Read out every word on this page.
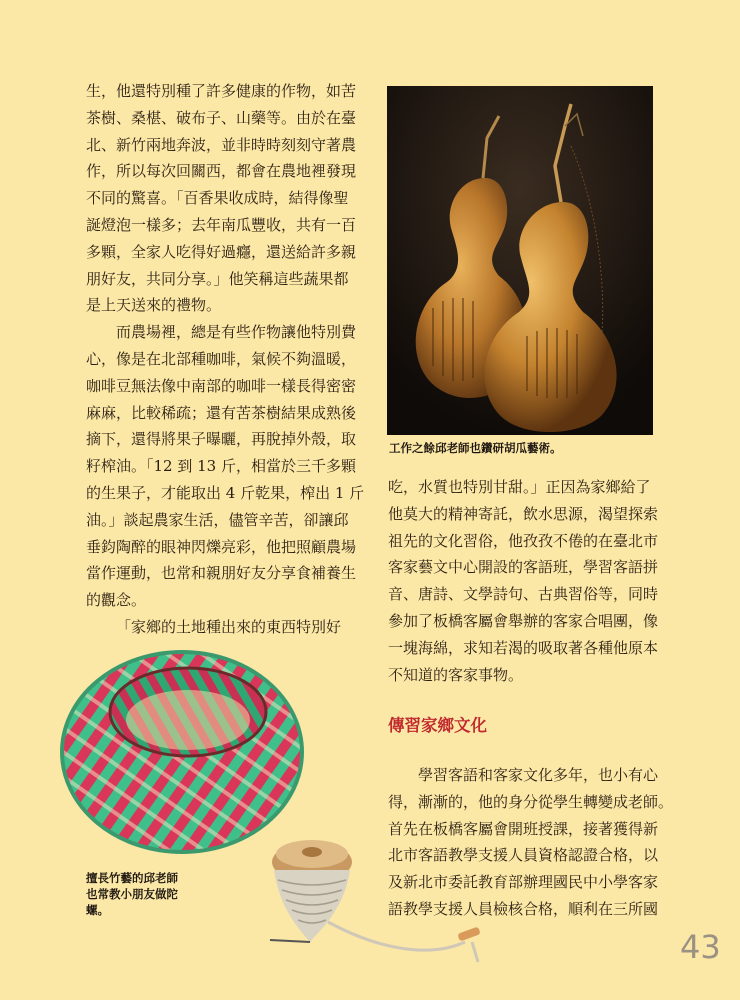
生，他還特別種了許多健康的作物，如苦
茶樹、桑椹、破布子、山藥等。由於在臺
北、新竹兩地奔波，並非時時刻刻守著農
作，所以每次回關西，都會在農地裡發現
不同的驚喜。「百香果收成時，結得像聖
誕燈泡一樣多；去年南瓜豐收，共有一百
多顆，全家人吃得好過癮，還送給許多親
朋好友，共同分享。」他笑稱這些蔬果都
是上天送來的禮物。

而農場裡，總是有些作物讓他特別費
心，像是在北部種咖啡，氣候不夠溫暖，
咖啡豆無法像中南部的咖啡一樣長得密密
麻麻，比較稀疏；還有苦茶樹結果成熟後
摘下，還得將果子曝曬，再脫掉外殼，取
籽榨油。「12 到 13 斤，相當於三千多顆
的生果子，才能取出 4 斤乾果，榨出 1 斤
油。」談起農家生活，儘管辛苦，卻讓邱
垂鈞陶醉的眼神閃爍亮彩，他把照顧農場
當作運動，也常和親朋好友分享食補養生
的觀念。

「家鄉的土地種出來的東西特別好

工作之餘邱老師也鑽研胡瓜藝術。

吃，水質也特別甘甜。」正因為家鄉給了
他莫大的精神寄託，飲水思源，渴望探索
祖先的文化習俗，他孜孜不倦的在臺北市
客家藝文中心開設的客語班，學習客語拼
音、唐詩、文學詩句、古典習俗等，同時
參加了板橋客屬會舉辦的客家合唱團，像
一塊海綿，求知若渴的吸取著各種他原本
不知道的客家事物。

傳習家鄉文化

學習客語和客家文化多年，也小有心
得，漸漸的，他的身分從學生轉變成老師。
首先在板橋客屬會開班授課，接著獲得新
北市客語教學支援人員資格認證合格，以
及新北市委託教育部辦理國民中小學客家
語教學支援人員檢核合格，順利在三所國

擅長竹藝的邱老師
也常教小朋友做陀
螺。
43
